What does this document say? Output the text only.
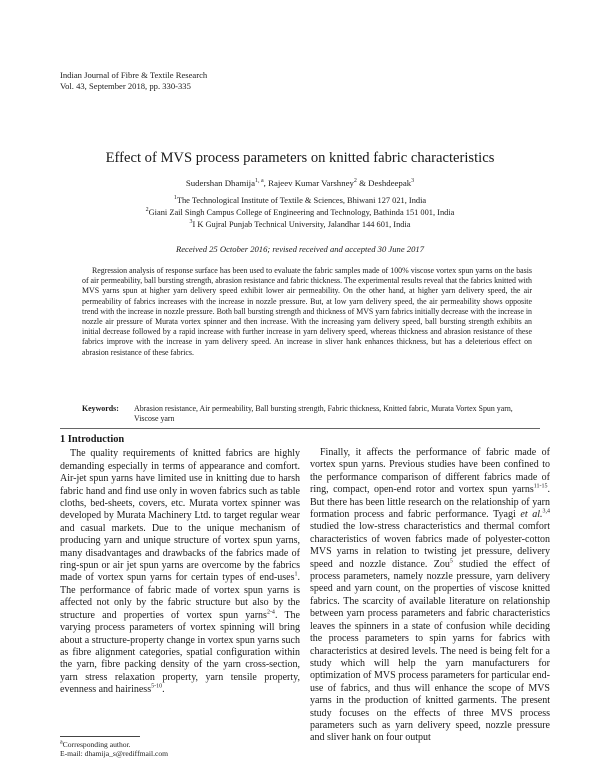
Indian Journal of Fibre & Textile Research
Vol. 43, September 2018, pp. 330-335
Effect of MVS process parameters on knitted fabric characteristics
Sudershan Dhamija$^{1, a}$, Rajeev Kumar Varshney$^2$ & Deshdeepak$^3$
$^1$The Technological Institute of Textile & Sciences, Bhiwani 127 021, India
$^2$Giani Zail Singh Campus College of Engineering and Technology, Bathinda 151 001, India
$^3$I K Gujral Punjab Technical University, Jalandhar 144 601, India
Received 25 October 2016; revised received and accepted 30 June 2017
Regression analysis of response surface has been used to evaluate the fabric samples made of 100% viscose vortex spun yarns on the basis of air permeability, ball bursting strength, abrasion resistance and fabric thickness. The experimental results reveal that the fabrics knitted with MVS yarns spun at higher yarn delivery speed exhibit lower air permeability. On the other hand, at higher yarn delivery speed, the air permeability of fabrics increases with the increase in nozzle pressure. But, at low yarn delivery speed, the air permeability shows opposite trend with the increase in nozzle pressure. Both ball bursting strength and thickness of MVS yarn fabrics initially decrease with the increase in nozzle air pressure of Murata vortex spinner and then increase. With the increasing yarn delivery speed, ball bursting strength exhibits an initial decrease followed by a rapid increase with further increase in yarn delivery speed, whereas thickness and abrasion resistance of these fabrics improve with the increase in yarn delivery speed. An increase in sliver hank enhances thickness, but has a deleterious effect on abrasion resistance of these fabrics.
Keywords:	Abrasion resistance, Air permeability, Ball bursting strength, Fabric thickness, Knitted fabric, Murata Vortex Spun yarn, Viscose yarn
1 Introduction
The quality requirements of knitted fabrics are highly demanding especially in terms of appearance and comfort. Air-jet spun yarns have limited use in knitting due to harsh fabric hand and find use only in woven fabrics such as table cloths, bed-sheets, covers, etc. Murata vortex spinner was developed by Murata Machinery Ltd. to target regular wear and casual markets. Due to the unique mechanism of producing yarn and unique structure of vortex spun yarns, many disadvantages and drawbacks of the fabrics made of ring-spun or air jet spun yarns are overcome by the fabrics made of vortex spun yarns for certain types of end-uses$^1$. The performance of fabric made of vortex spun yarns is affected not only by the fabric structure but also by the structure and properties of vortex spun yarns$^{2-4}$. The varying process parameters of vortex spinning will bring about a structure-property change in vortex spun yarns such as fibre alignment categories, spatial configuration within the yarn, fibre packing density of the yarn cross-section, yarn stress relaxation property, yarn tensile property, evenness and hairiness$^{5-10}$.
Finally, it affects the performance of fabric made of vortex spun yarns. Previous studies have been confined to the performance comparison of different fabrics made of ring, compact, open-end rotor and vortex spun yarns$^{11-15}$. But there has been little research on the relationship of yarn formation process and fabric performance. Tyagi et al.$^{3,4}$ studied the low-stress characteristics and thermal comfort characteristics of woven fabrics made of polyester-cotton MVS yarns in relation to twisting jet pressure, delivery speed and nozzle distance. Zou$^5$ studied the effect of process parameters, namely nozzle pressure, yarn delivery speed and yarn count, on the properties of viscose knitted fabrics. The scarcity of available literature on relationship between yarn process parameters and fabric characteristics leaves the spinners in a state of confusion while deciding the process parameters to spin yarns for fabrics with characteristics at desired levels. The need is being felt for a study which will help the yarn manufacturers for optimization of MVS process parameters for particular end-use of fabrics, and thus will enhance the scope of MVS yarns in the production of knitted garments. The present study focuses on the effects of three MVS process parameters such as yarn delivery speed, nozzle pressure and sliver hank on four output
$^a$Corresponding author.
E-mail: dhamija_s@rediffmail.com
